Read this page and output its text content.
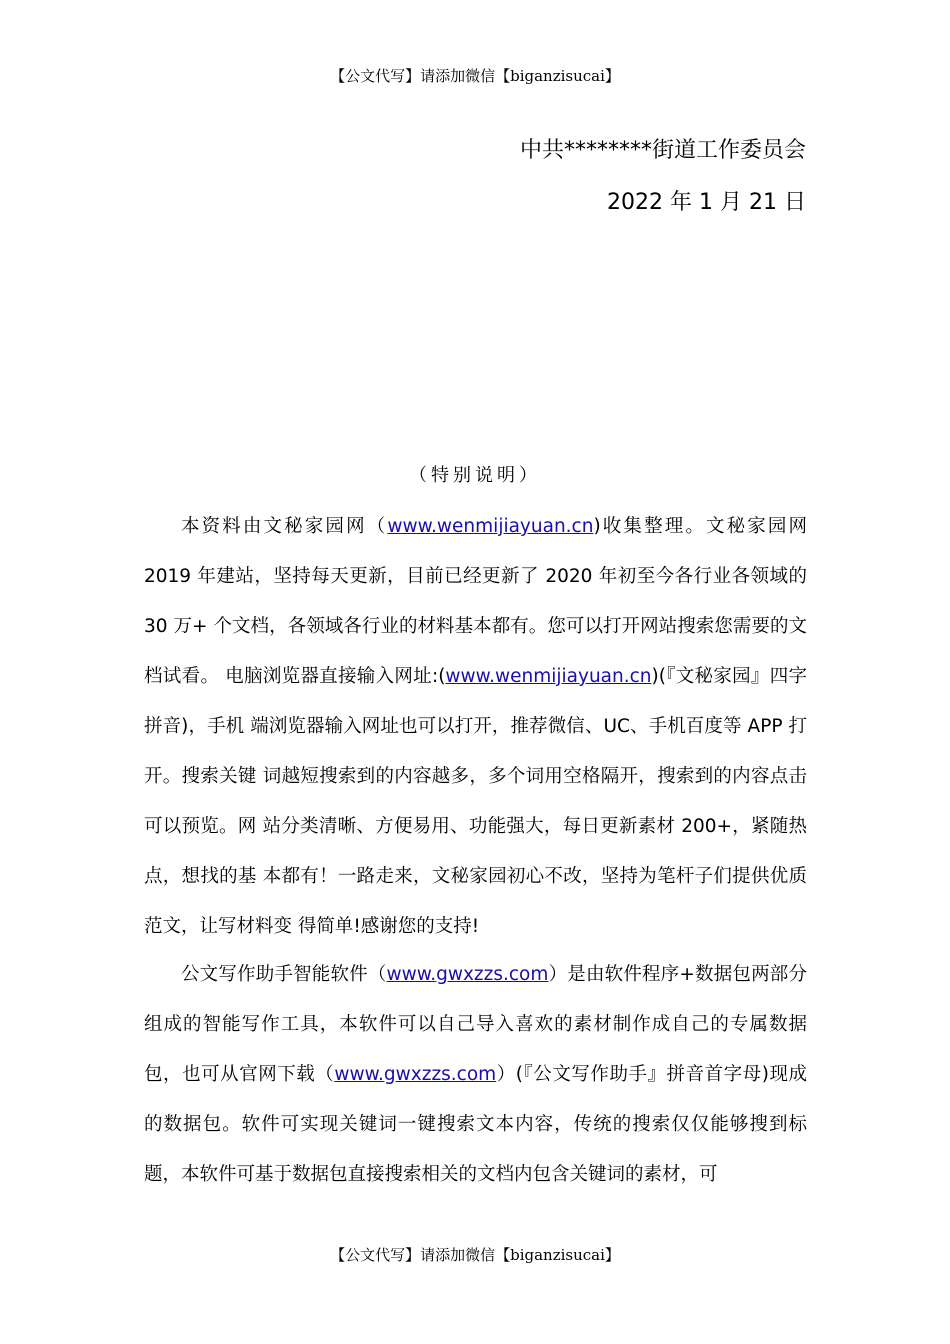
【公文代写】请添加微信【biganzisucai】
中共********街道工作委员会
2022 年 1 月 21 日
（特别说明）

本资料由文秘家园网（www.wenmijiayuan.cn)收集整理。文秘家园网 2019 年建站，坚持每天更新，目前已经更新了 2020 年初至今各行业各领域的 30 万+ 个文档，各领域各行业的材料基本都有。您可以打开网站搜索您需要的文档试看。 电脑浏览器直接输入网址:(www.wenmijiayuan.cn)(『文秘家园』四字拼音)，手机 端浏览器输入网址也可以打开，推荐微信、UC、手机百度等 APP 打开。搜索关键 词越短搜索到的内容越多，多个词用空格隔开，搜索到的内容点击可以预览。网 站分类清晰、方便易用、功能强大，每日更新素材 200+，紧随热点，想找的基 本都有！一路走来，文秘家园初心不改，坚持为笔杆子们提供优质范文，让写材料变 得简单!感谢您的支持!

公文写作助手智能软件（www.gwxzzs.com）是由软件程序+数据包两部分组成的智能写作工具，本软件可以自己导入喜欢的素材制作成自己的专属数据包，也可从官网下载（www.gwxzzs.com）(『公文写作助手』拼音首字母)现成的数据包。软件可实现关键词一键搜索文本内容，传统的搜索仅仅能够搜到标题，本软件可基于数据包直接搜索相关的文档内包含关键词的素材，可

【公文代写】请添加微信【biganzisucai】
